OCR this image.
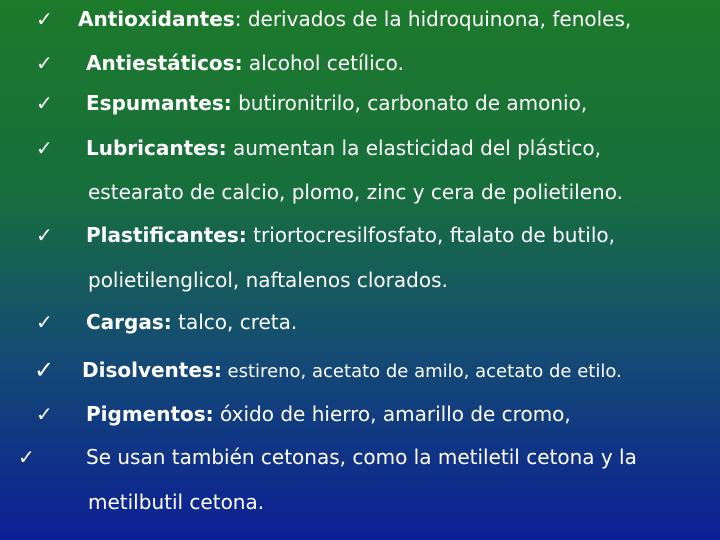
✓ Antioxidantes: derivados de la hidroquinona, fenoles,
✓ Antiestáticos: alcohol cetílico.
✓ Espumantes: butironitrilo, carbonato de amonio,
✓ Lubricantes: aumentan la elasticidad del plástico,
estearato de calcio, plomo, zinc y cera de polietileno.
✓ Plastificantes: triortocresilfosfato, ftalato de butilo,
polietilenglicol, naftalenos clorados.
✓ Cargas: talco, creta.
✓ Disolventes: estireno, acetato de amilo, acetato de etilo.
✓ Pigmentos: óxido de hierro, amarillo de cromo,
✓	Se usan también cetonas, como la metiletil cetona y la
metilbutil cetona.
